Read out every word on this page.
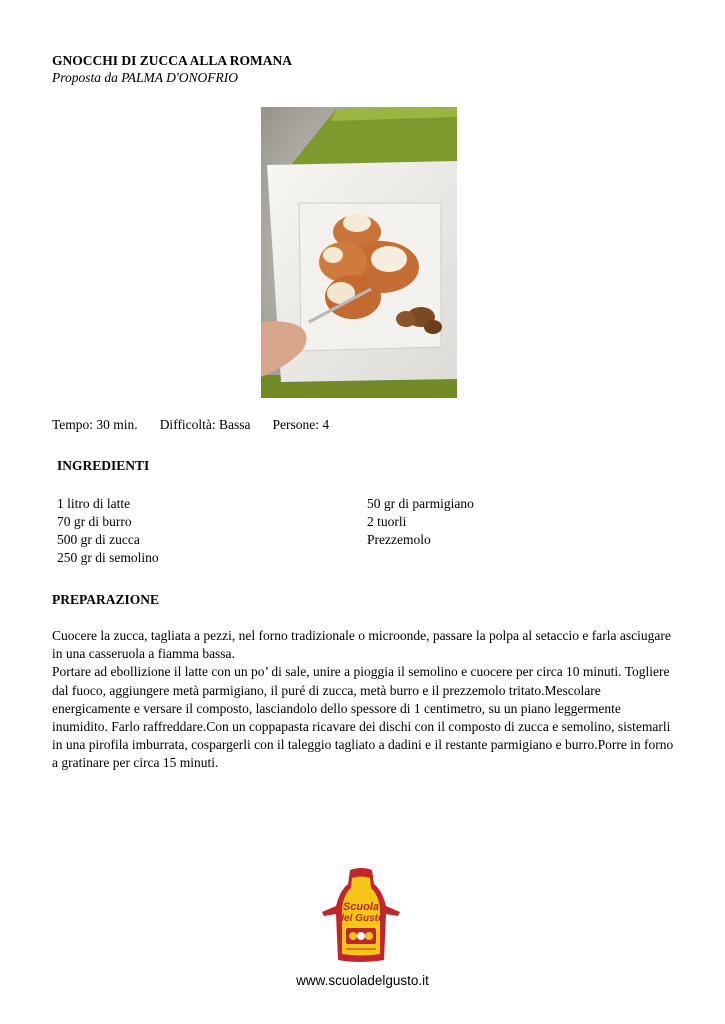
GNOCCHI DI ZUCCA ALLA ROMANA
Proposta da PALMA D'ONOFRIO
Tempo: 30 min. Difficoltà: Bassa Persone: 4
INGREDIENTI
1 litro di latte
70 gr di burro
500 gr di zucca
250 gr di semolino
50 gr di parmigiano
2 tuorli
Prezzemolo
PREPARAZIONE

Cuocere la zucca, tagliata a pezzi, nel forno tradizionale o microonde, passare la polpa al setaccio e farla asciugare in una casseruola a fiamma bassa.

Portare ad ebollizione il latte con un po’ di sale, unire a pioggia il semolino e cuocere per circa 10 minuti. Togliere dal fuoco, aggiungere metà parmigiano, il puré di zucca, metà burro e il prezzemolo tritato.Mescolare energicamente e versare il composto, lasciandolo dello spessore di 1 centimetro, su un piano leggermente inumidito. Farlo raffreddare.Con un coppapasta ricavare dei dischi con il composto di zucca e semolino, sistemarli in una pirofila imburrata, cospargerli con il taleggio tagliato a dadini e il restante parmigiano e burro.Porre in forno a gratinare per circa 15 minuti.

Scuola
del Gusto
www.scuoladelgusto.it
